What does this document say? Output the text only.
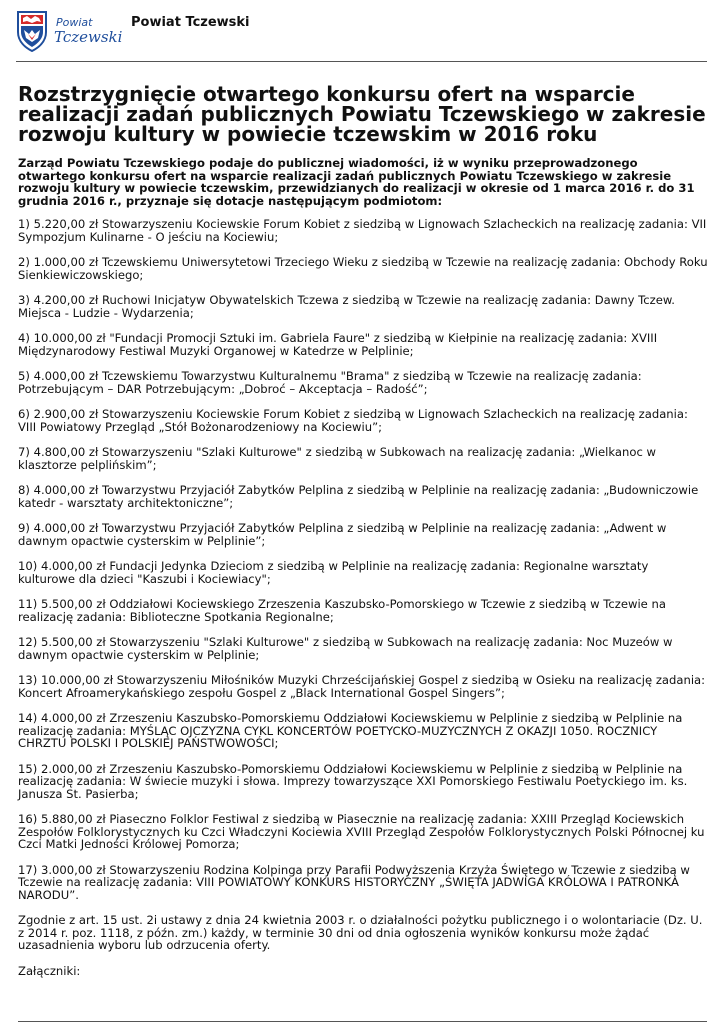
Powiat
Tczewski
Powiat Tczewski
Rozstrzygnięcie otwartego konkursu ofert na wsparcie realizacji zadań publicznych Powiatu Tczewskiego w zakresie rozwoju kultury w powiecie tczewskim w 2016 roku

Zarząd Powiatu Tczewskiego podaje do publicznej wiadomości, iż w wyniku przeprowadzonego otwartego konkursu ofert na wsparcie realizacji zadań publicznych Powiatu Tczewskiego w zakresie rozwoju kultury w powiecie tczewskim, przewidzianych do realizacji w okresie od 1 marca 2016 r. do 31 grudnia 2016 r., przyznaje się dotacje następującym podmiotom:

1) 5.220,00 zł Stowarzyszeniu Kociewskie Forum Kobiet z siedzibą w Lignowach Szlacheckich na realizację zadania: VII Sympozjum Kulinarne - O jeściu na Kociewiu;

2) 1.000,00 zł Tczewskiemu Uniwersytetowi Trzeciego Wieku z siedzibą w Tczewie na realizację zadania: Obchody Roku Sienkiewiczowskiego;

3) 4.200,00 zł Ruchowi Inicjatyw Obywatelskich Tczewa z siedzibą w Tczewie na realizację zadania: Dawny Tczew. Miejsca - Ludzie - Wydarzenia;

4) 10.000,00 zł "Fundacji Promocji Sztuki im. Gabriela Faure" z siedzibą w Kiełpinie na realizację zadania: XVIII Międzynarodowy Festiwal Muzyki Organowej w Katedrze w Pelplinie;

5) 4.000,00 zł Tczewskiemu Towarzystwu Kulturalnemu "Brama" z siedzibą w Tczewie na realizację zadania: Potrzebującym – DAR Potrzebującym: „Dobroć – Akceptacja – Radość”;

6) 2.900,00 zł Stowarzyszeniu Kociewskie Forum Kobiet z siedzibą w Lignowach Szlacheckich na realizację zadania: VIII Powiatowy Przegląd „Stół Bożonarodzeniowy na Kociewiu”;

7) 4.800,00 zł Stowarzyszeniu "Szlaki Kulturowe" z siedzibą w Subkowach na realizację zadania: „Wielkanoc w klasztorze pelplińskim”;

8) 4.000,00 zł Towarzystwu Przyjaciół Zabytków Pelplina z siedzibą w Pelplinie na realizację zadania: „Budowniczowie katedr - warsztaty architektoniczne”;

9) 4.000,00 zł Towarzystwu Przyjaciół Zabytków Pelplina z siedzibą w Pelplinie na realizację zadania: „Adwent w dawnym opactwie cysterskim w Pelplinie”;

10) 4.000,00 zł Fundacji Jedynka Dzieciom z siedzibą w Pelplinie na realizację zadania: Regionalne warsztaty kulturowe dla dzieci "Kaszubi i Kociewiacy";

11) 5.500,00 zł Oddziałowi Kociewskiego Zrzeszenia Kaszubsko-Pomorskiego w Tczewie z siedzibą w Tczewie na realizację zadania: Biblioteczne Spotkania Regionalne;

12) 5.500,00 zł Stowarzyszeniu "Szlaki Kulturowe" z siedzibą w Subkowach na realizację zadania: Noc Muzeów w dawnym opactwie cysterskim w Pelplinie;

13) 10.000,00 zł Stowarzyszeniu Miłośników Muzyki Chrześcijańskiej Gospel z siedzibą w Osieku na realizację zadania: Koncert Afroamerykańskiego zespołu Gospel z „Black International Gospel Singers”;

14) 4.000,00 zł Zrzeszeniu Kaszubsko-Pomorskiemu Oddziałowi Kociewskiemu w Pelplinie z siedzibą w Pelplinie na realizację zadania: MYŚLĄC OJCZYZNA CYKL KONCERTÓW POETYCKO-MUZYCZNYCH Z OKAZJI 1050. ROCZNICY CHRZTU POLSKI I POLSKIEJ PAŃSTWOWOŚCI;

15) 2.000,00 zł Zrzeszeniu Kaszubsko-Pomorskiemu Oddziałowi Kociewskiemu w Pelplinie z siedzibą w Pelplinie na realizację zadania: W świecie muzyki i słowa. Imprezy towarzyszące XXI Pomorskiego Festiwalu Poetyckiego im. ks. Janusza St. Pasierba;

16) 5.880,00 zł Piaseczno Folklor Festiwal z siedzibą w Piasecznie na realizację zadania: XXIII Przegląd Kociewskich Zespołów Folklorystycznych ku Czci Władczyni Kociewia XVIII Przegląd Zespołów Folklorystycznych Polski Północnej ku Czci Matki Jedności Królowej Pomorza;

17) 3.000,00 zł Stowarzyszeniu Rodzina Kolpinga przy Parafii Podwyższenia Krzyża Świętego w Tczewie z siedzibą w Tczewie na realizację zadania: VIII POWIATOWY KONKURS HISTORYCZNY „ŚWIĘTA JADWIGA KRÓLOWA I PATRONKA NARODU”.

Zgodnie z art. 15 ust. 2i ustawy z dnia 24 kwietnia 2003 r. o działalności pożytku publicznego i o wolontariacie (Dz. U. z 2014 r. poz. 1118, z późn. zm.) każdy, w terminie 30 dni od dnia ogłoszenia wyników konkursu może żądać uzasadnienia wyboru lub odrzucenia oferty.

Załączniki:
